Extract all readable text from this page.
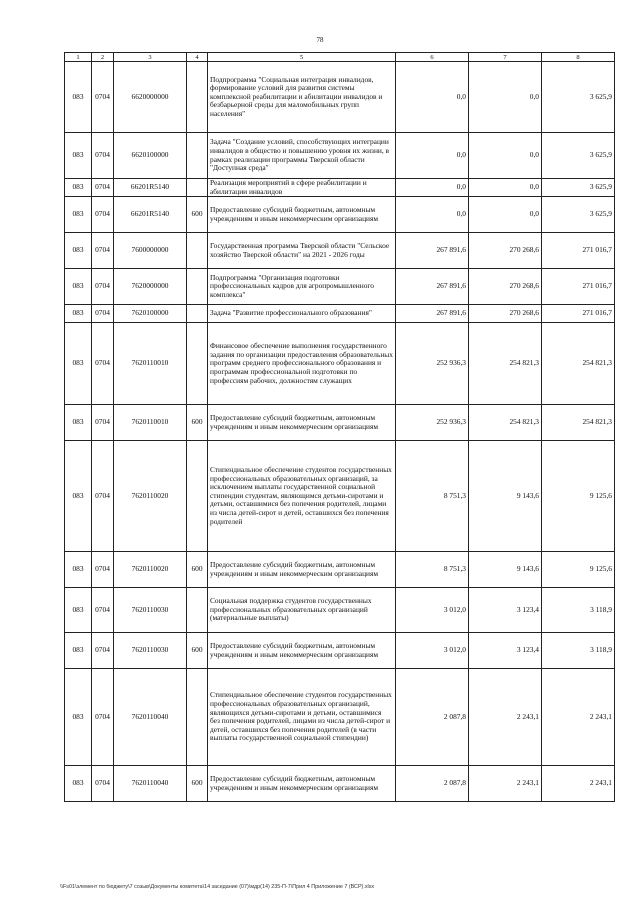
78
1	2	3	4	5	6	7	8
083	0704	6620000000		Подпрограмма "Социальная интеграция инвалидов, формирование условий для развития системы комплексной реабилитации и абилитации инвалидов и безбарьерной среды для маломобильных групп населения"	0,0	0,0	3 625,9
083	0704	6620100000		Задача "Создание условий, способствующих интеграции инвалидов в общество и повышению уровня их жизни, в рамках реализации программы Тверской области "Доступная среда"	0,0	0,0	3 625,9
083	0704	66201R5140		Реализация мероприятий в сфере реабилитации и абилитации инвалидов	0,0	0,0	3 625,9
083	0704	66201R5140	600	Предоставление субсидий бюджетным, автономным учреждениям и иным некоммерческим организациям	0,0	0,0	3 625,9
083	0704	7600000000		Государственная программа Тверской области "Сельское хозяйство Тверской области" на 2021 - 2026 годы	267 891,6	270 268,6	271 016,7
083	0704	7620000000		Подпрограмма "Организация подготовки профессиональных кадров для агропромышленного комплекса"	267 891,6	270 268,6	271 016,7
083	0704	7620100000		Задача "Развитие профессионального образования"	267 891,6	270 268,6	271 016,7
083	0704	7620110010		Финансовое обеспечение выполнения государственного задания по организации предоставления образовательных программ среднего профессионального образования и программам профессиональной подготовки по профессиям рабочих, должностям служащих	252 936,3	254 821,3	254 821,3
083	0704	7620110010	600	Предоставление субсидий бюджетным, автономным учреждениям и иным некоммерческим организациям	252 936,3	254 821,3	254 821,3
083	0704	7620110020		Стипендиальное обеспечение студентов государственных профессиональных образовательных организаций, за исключением выплаты государственной социальной стипендии студентам, являющимся детьми-сиротами и детьми, оставшимися без попечения родителей, лицами из числа детей-сирот и детей, оставшихся без попечения родителей	8 751,3	9 143,6	9 125,6
083	0704	7620110020	600	Предоставление субсидий бюджетным, автономным учреждениям и иным некоммерческим организациям	8 751,3	9 143,6	9 125,6
083	0704	7620110030		Социальная поддержка студентов государственных профессиональных образовательных организаций (материальные выплаты)	3 012,0	3 123,4	3 118,9
083	0704	7620110030	600	Предоставление субсидий бюджетным, автономным учреждениям и иным некоммерческим организациям	3 012,0	3 123,4	3 118,9
083	0704	7620110040		Стипендиальное обеспечение студентов государственных профессиональных образовательных организаций, являющихся детьми-сиротами и детьми, оставшимися без попечения родителей, лицами из числа детей-сирот и детей, оставшихся без попечения родителей (в части выплаты государственной социальной стипендии)	2 087,8	2 243,1	2 243,1
083	0704	7620110040	600	Предоставление субсидий бюджетным, автономным учреждениям и иным некоммерческим организациям	2 087,8	2 243,1	2 243,1
\\Fs01\элемент по бюджету\7 созыв\Документы комитета\14 заседание (07)\мдр(14) 235-П-7\Прил 4 Приложение 7 (ВСР).xlsx
